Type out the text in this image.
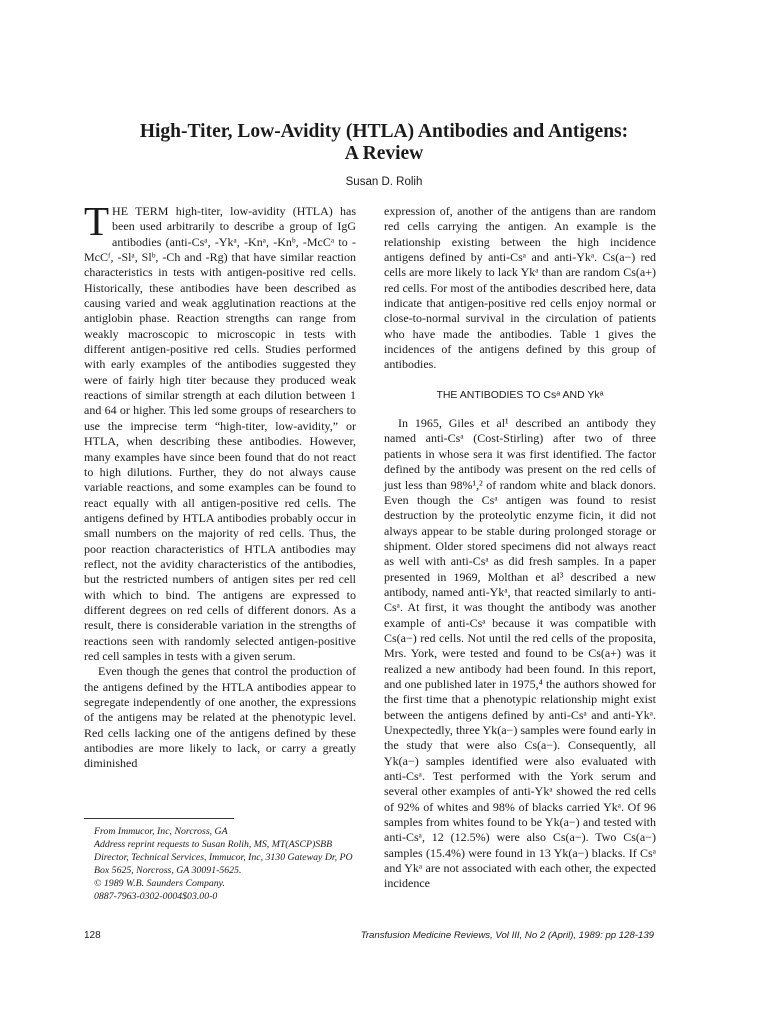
High-Titer, Low-Avidity (HTLA) Antibodies and Antigens:
A Review
Susan D. Rolih

THE TERM high-titer, low-avidity (HTLA) has been used arbitrarily to describe a group of IgG antibodies (anti-Csᵃ, -Ykᵃ, -Knᵃ, -Knᵇ, -McCᵃ to -McCᶠ, -Slᵃ, Slᵇ, -Ch and -Rg) that have similar reaction characteristics in tests with antigen-positive red cells. Historically, these antibodies have been described as causing varied and weak agglutination reactions at the antiglobin phase. Reaction strengths can range from weakly macroscopic to microscopic in tests with different antigen-positive red cells. Studies performed with early examples of the antibodies suggested they were of fairly high titer because they produced weak reactions of similar strength at each dilution between 1 and 64 or higher. This led some groups of researchers to use the imprecise term “high-titer, low-avidity,” or HTLA, when describing these antibodies. However, many examples have since been found that do not react to high dilutions. Further, they do not always cause variable reactions, and some examples can be found to react equally with all antigen-positive red cells. The antigens defined by HTLA antibodies probably occur in small numbers on the majority of red cells. Thus, the poor reaction characteristics of HTLA antibodies may reflect, not the avidity characteristics of the antibodies, but the restricted numbers of antigen sites per red cell with which to bind. The antigens are expressed to different degrees on red cells of different donors. As a result, there is considerable variation in the strengths of reactions seen with randomly selected antigen-positive red cell samples in tests with a given serum.

Even though the genes that control the production of the antigens defined by the HTLA antibodies appear to segregate independently of one another, the expressions of the antigens may be related at the phenotypic level. Red cells lacking one of the antigens defined by these antibodies are more likely to lack, or carry a greatly diminished

expression of, another of the antigens than are random red cells carrying the antigen. An example is the relationship existing between the high incidence antigens defined by anti-Csᵃ and anti-Ykᵃ. Cs(a−) red cells are more likely to lack Ykᵃ than are random Cs(a+) red cells. For most of the antibodies described here, data indicate that antigen-positive red cells enjoy normal or close-to-normal survival in the circulation of patients who have made the antibodies. Table 1 gives the incidences of the antigens defined by this group of antibodies.

THE ANTIBODIES TO Csᵃ AND Ykᵃ

In 1965, Giles et al¹ described an antibody they named anti-Csᵃ (Cost-Stirling) after two of three patients in whose sera it was first identified. The factor defined by the antibody was present on the red cells of just less than 98%¹,² of random white and black donors. Even though the Csᵃ antigen was found to resist destruction by the proteolytic enzyme ficin, it did not always appear to be stable during prolonged storage or shipment. Older stored specimens did not always react as well with anti-Csᵃ as did fresh samples. In a paper presented in 1969, Molthan et al³ described a new antibody, named anti-Ykᵃ, that reacted similarly to anti-Csᵃ. At first, it was thought the antibody was another example of anti-Csᵃ because it was compatible with Cs(a−) red cells. Not until the red cells of the proposita, Mrs. York, were tested and found to be Cs(a+) was it realized a new antibody had been found. In this report, and one published later in 1975,⁴ the authors showed for the first time that a phenotypic relationship might exist between the antigens defined by anti-Csᵃ and anti-Ykᵃ. Unexpectedly, three Yk(a−) samples were found early in the study that were also Cs(a−). Consequently, all Yk(a−) samples identified were also evaluated with anti-Csᵃ. Test performed with the York serum and several other examples of anti-Ykᵃ showed the red cells of 92% of whites and 98% of blacks carried Ykᵃ. Of 96 samples from whites found to be Yk(a−) and tested with anti-Csᵃ, 12 (12.5%) were also Cs(a−). Two Cs(a−) samples (15.4%) were found in 13 Yk(a−) blacks. If Csᵃ and Ykᵃ are not associated with each other, the expected incidence

From Immucor, Inc, Norcross, GA
Address reprint requests to Susan Rolih, MS, MT(ASCP)SBB Director, Technical Services, Immucor, Inc, 3130 Gateway Dr, PO Box 5625, Norcross, GA 30091-5625.
© 1989 W.B. Saunders Company.
0887-7963-0302-0004$03.00-0
128	Transfusion Medicine Reviews, Vol III, No 2 (April), 1989: pp 128-139
